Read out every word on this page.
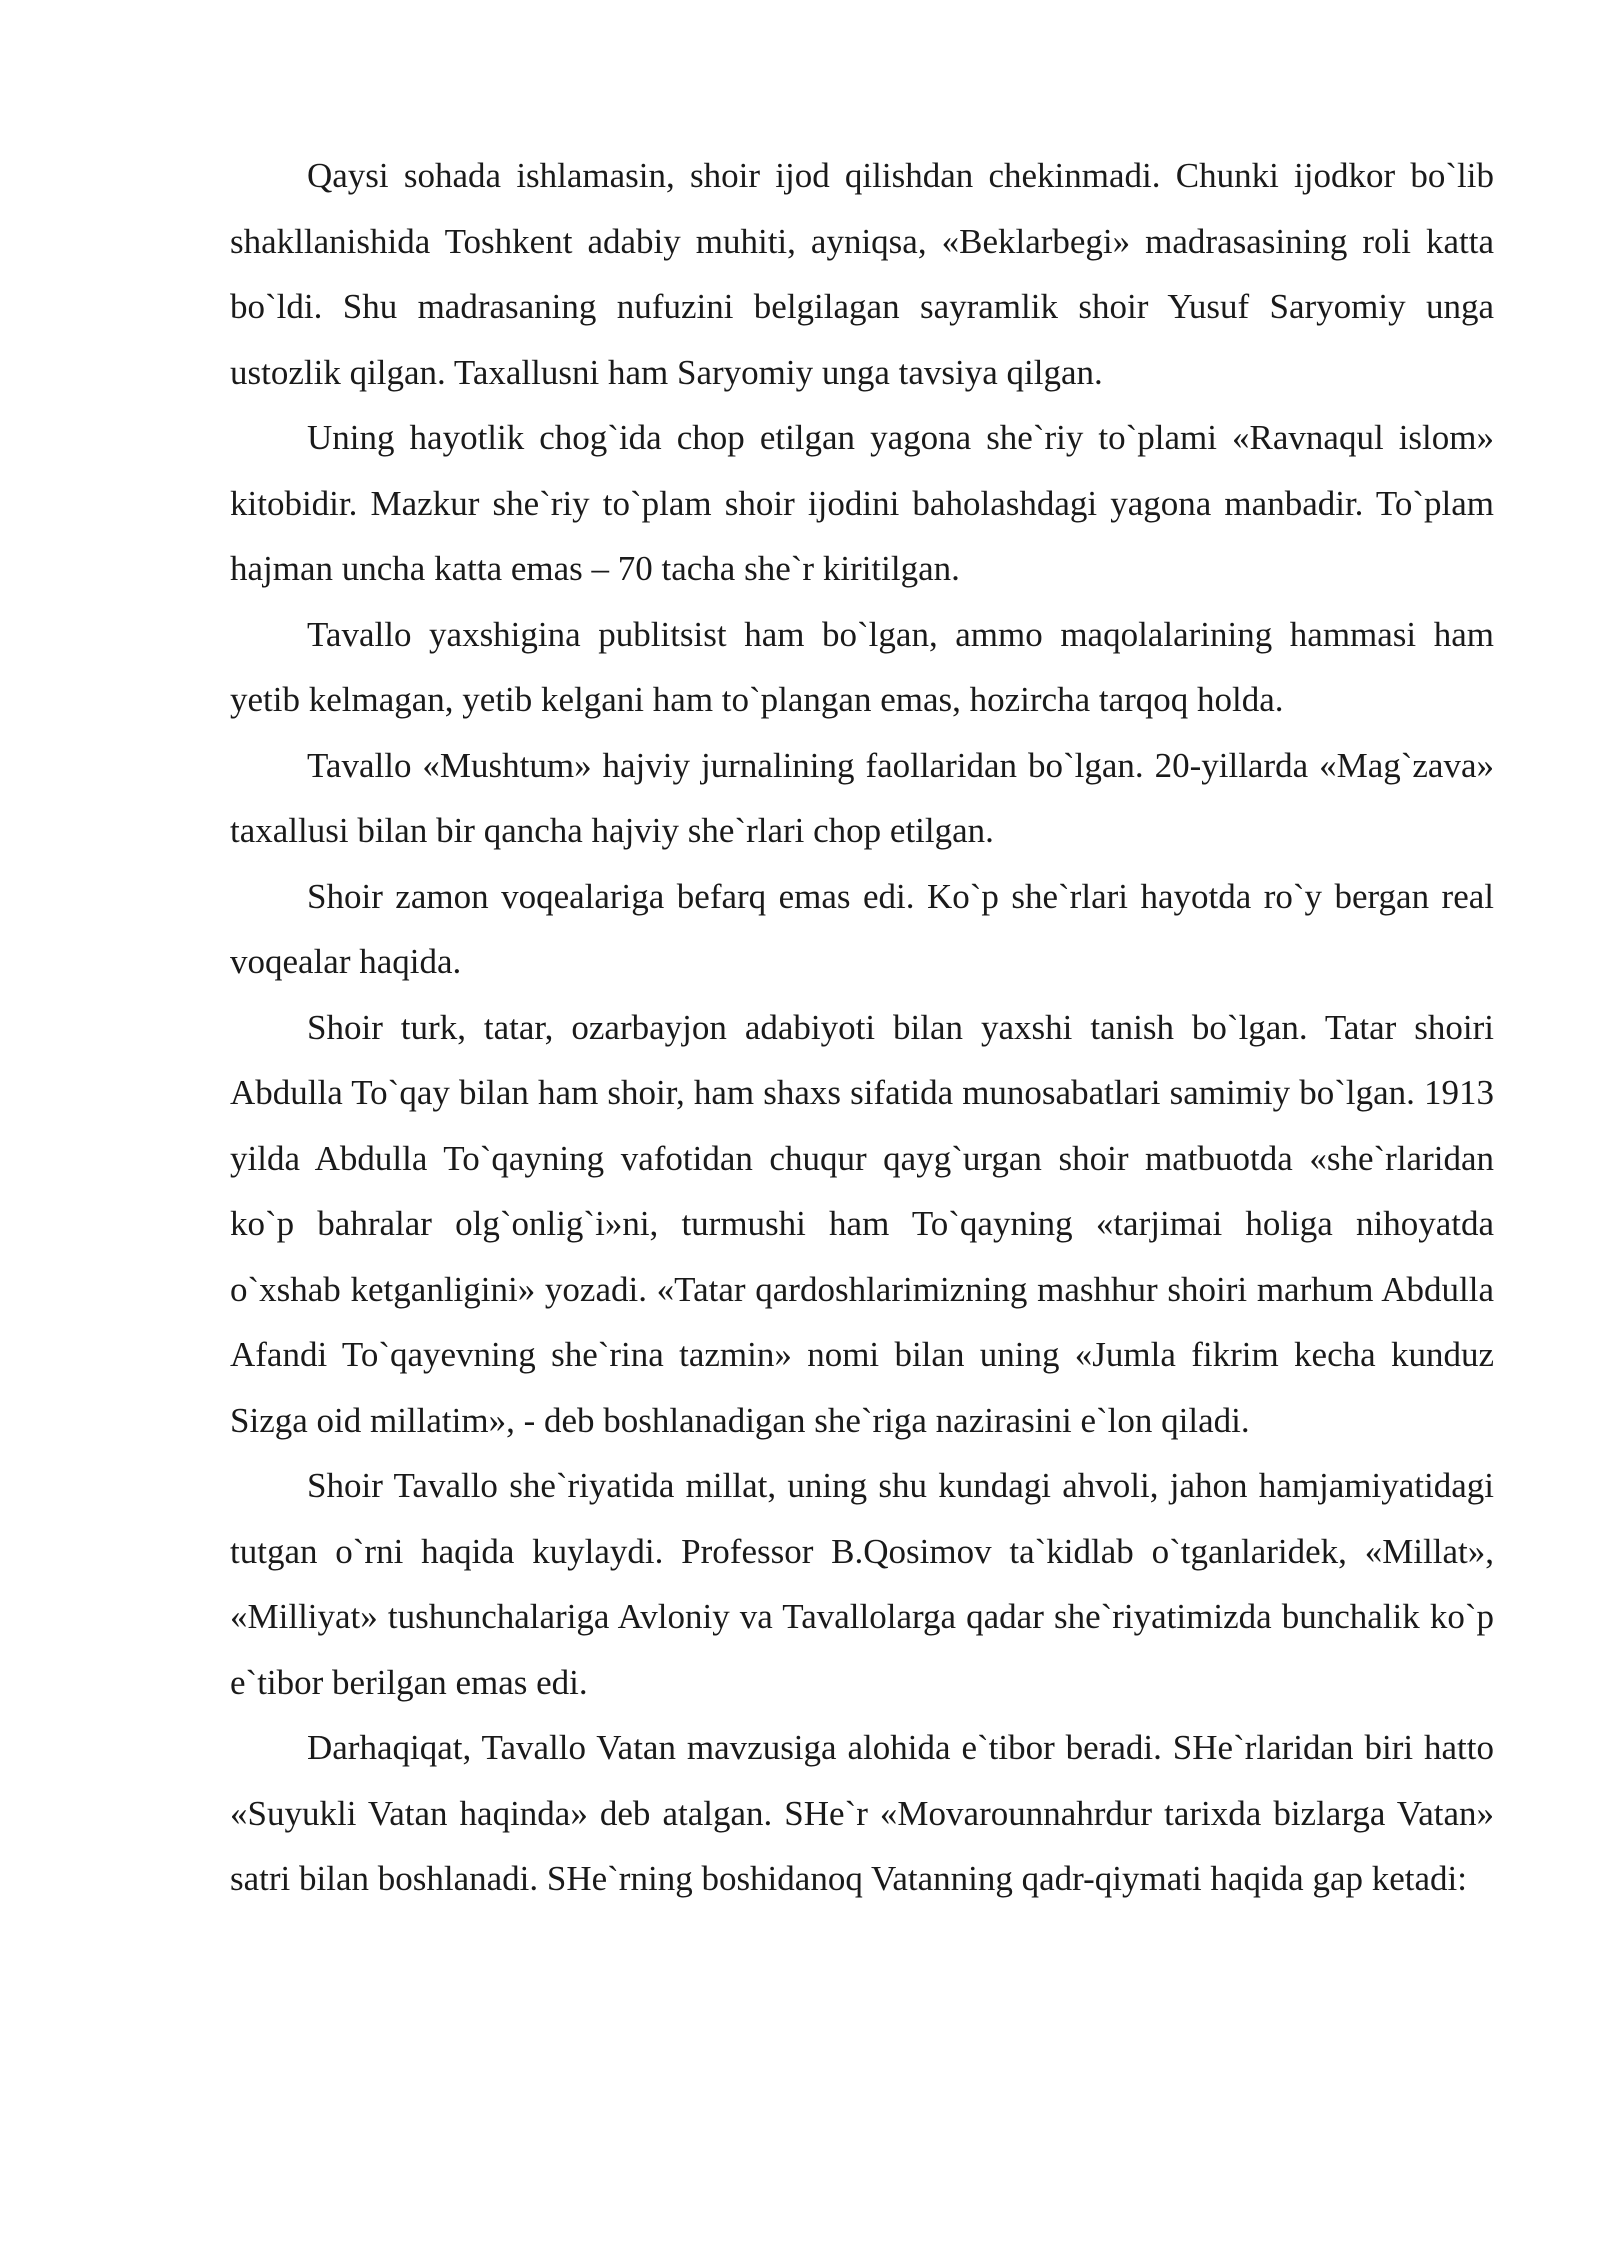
Qaysi sohada ishlamasin, shoir ijod qilishdan chekinmadi. Chunki ijodkor bo`lib shakllanishida Toshkent adabiy muhiti, ayniqsa, «Beklarbegi» madrasasining roli katta bo`ldi. Shu madrasaning nufuzini belgilagan sayramlik shoir Yusuf Saryomiy unga ustozlik qilgan. Taxallusni ham Saryomiy unga tavsiya qilgan.

Uning hayotlik chog`ida chop etilgan yagona she`riy to`plami «Ravnaqul islom» kitobidir. Mazkur she`riy to`plam shoir ijodini baholashdagi yagona manbadir. To`plam hajman uncha katta emas – 70 tacha she`r kiritilgan.

Tavallo yaxshigina publitsist ham bo`lgan, ammo maqolalarining hammasi ham yetib kelmagan, yetib kelgani ham to`plangan emas, hozircha tarqoq holda.

Tavallo «Mushtum» hajviy jurnalining faollaridan bo`lgan. 20-yillarda «Mag`zava» taxallusi bilan bir qancha hajviy she`rlari chop etilgan.

Shoir zamon voqealariga befarq emas edi. Ko`p she`rlari hayotda ro`y bergan real voqealar haqida.

Shoir turk, tatar, ozarbayjon adabiyoti bilan yaxshi tanish bo`lgan. Tatar shoiri Abdulla To`qay bilan ham shoir, ham shaxs sifatida munosabatlari samimiy bo`lgan. 1913 yilda Abdulla To`qayning vafotidan chuqur qayg`urgan shoir matbuotda «she`rlaridan ko`p bahralar olg`onlig`i»ni, turmushi ham To`qayning «tarjimai holiga nihoyatda o`xshab ketganligini» yozadi. «Tatar qardoshlarimizning mashhur shoiri marhum Abdulla Afandi To`qayevning she`rina tazmin» nomi bilan uning «Jumla fikrim kecha kunduz Sizga oid millatim», - deb boshlanadigan she`riga nazirasini e`lon qiladi.

Shoir Tavallo she`riyatida millat, uning shu kundagi ahvoli, jahon hamjamiyatidagi tutgan o`rni haqida kuylaydi. Professor B.Qosimov ta`kidlab o`tganlaridek, «Millat», «Milliyat» tushunchalariga Avloniy va Tavallolarga qadar she`riyatimizda bunchalik ko`p e`tibor berilgan emas edi.

Darhaqiqat, Tavallo Vatan mavzusiga alohida e`tibor beradi. SHe`rlaridan biri hatto «Suyukli Vatan haqinda» deb atalgan. SHe`r «Movarounnahrdur tarixda bizlarga Vatan» satri bilan boshlanadi. SHe`rning boshidanoq Vatanning qadr-qiymati haqida gap ketadi:
